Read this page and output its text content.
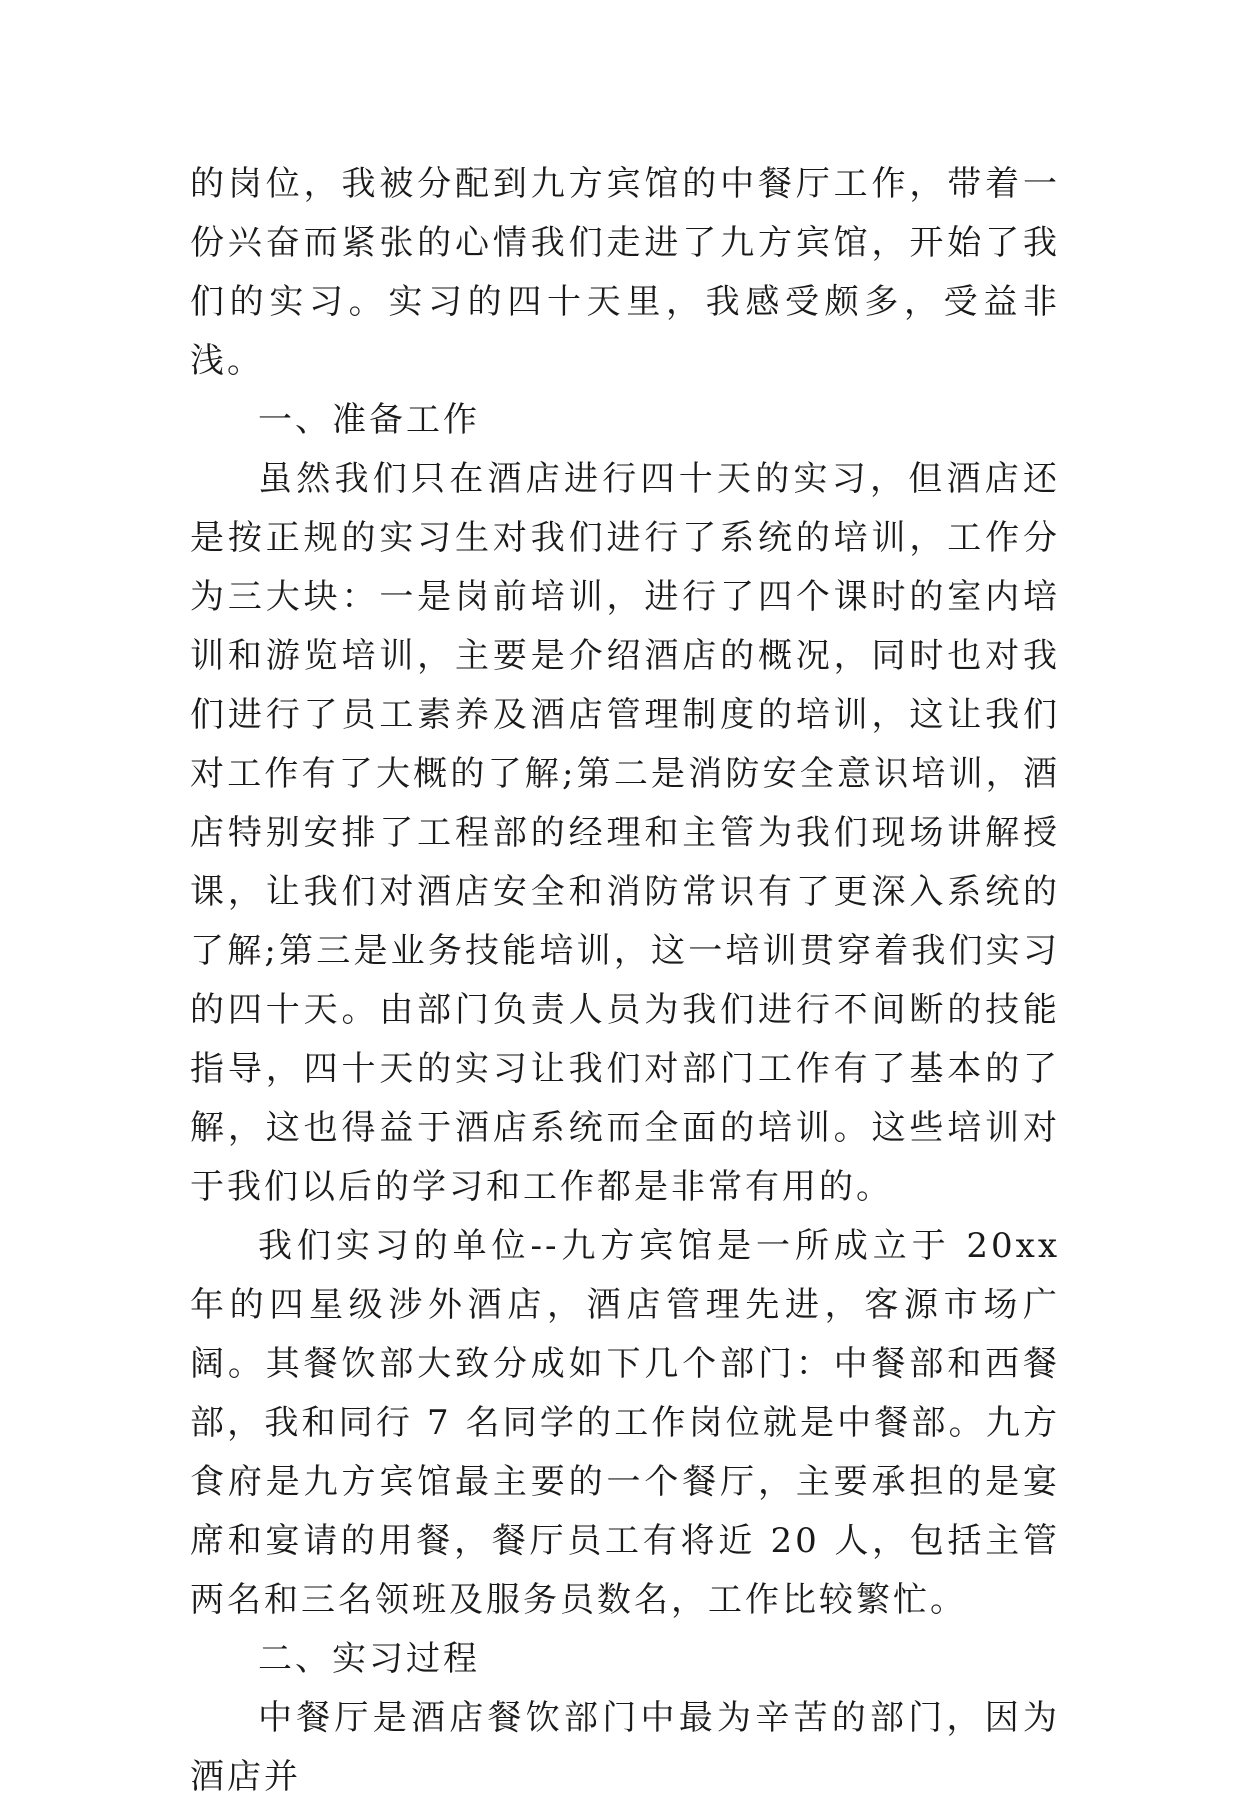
的岗位，我被分配到九方宾馆的中餐厅工作，带着一份兴奋而紧张的心情我们走进了九方宾馆，开始了我们的实习。实习的四十天里，我感受颇多，受益非浅。

一、准备工作

虽然我们只在酒店进行四十天的实习，但酒店还是按正规的实习生对我们进行了系统的培训，工作分为三大块：一是岗前培训，进行了四个课时的室内培训和游览培训，主要是介绍酒店的概况，同时也对我们进行了员工素养及酒店管理制度的培训，这让我们对工作有了大概的了解;第二是消防安全意识培训，酒店特别安排了工程部的经理和主管为我们现场讲解授课，让我们对酒店安全和消防常识有了更深入系统的了解;第三是业务技能培训，这一培训贯穿着我们实习的四十天。由部门负责人员为我们进行不间断的技能指导，四十天的实习让我们对部门工作有了基本的了解，这也得益于酒店系统而全面的培训。这些培训对于我们以后的学习和工作都是非常有用的。

我们实习的单位--九方宾馆是一所成立于 20xx 年的四星级涉外酒店，酒店管理先进，客源市场广阔。其餐饮部大致分成如下几个部门：中餐部和西餐部，我和同行 7 名同学的工作岗位就是中餐部。九方食府是九方宾馆最主要的一个餐厅，主要承担的是宴席和宴请的用餐，餐厅员工有将近 20 人，包括主管两名和三名领班及服务员数名，工作比较繁忙。

二、实习过程

中餐厅是酒店餐饮部门中最为辛苦的部门，因为酒店并
